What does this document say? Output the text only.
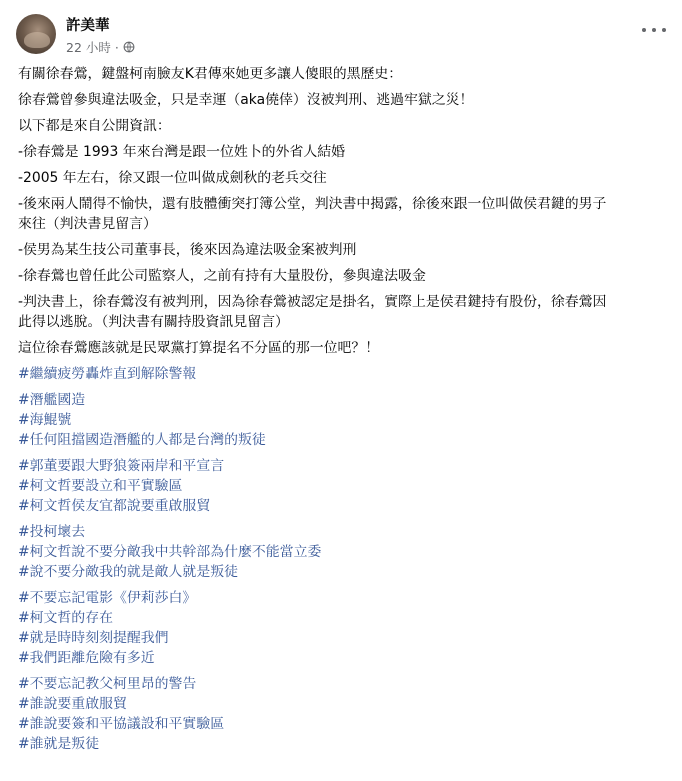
許美華
22 小時 ·
有關徐春鶯，鍵盤柯南臉友K君傳來她更多讓人傻眼的黑歷史：
徐春鶯曾參與違法吸金，只是幸運（aka僥倖）沒被判刑、逃過牢獄之災！
以下都是來自公開資訊：
-徐春鶯是 1993 年來台灣是跟一位姓卜的外省人結婚
-2005 年左右，徐又跟一位叫做成劍秋的老兵交往
-後來兩人鬧得不愉快，還有肢體衝突打簿公堂，判決書中揭露，徐後來跟一位叫做侯君鍵的男子
來往（判決書見留言）
-侯男為某生技公司董事長，後來因為違法吸金案被判刑
-徐春鶯也曾任此公司監察人，之前有持有大量股份，參與違法吸金
-判決書上，徐春鶯沒有被判刑，因為徐春鶯被認定是掛名，實際上是侯君鍵持有股份，徐春鶯因
此得以逃脫。（判決書有關持股資訊見留言）
這位徐春鶯應該就是民眾黨打算提名不分區的那一位吧？！
#繼續疲勞轟炸直到解除警報
#潛艦國造
#海鯤號
#任何阻擋國造潛艦的人都是台灣的叛徒
#郭董要跟大野狼簽兩岸和平宣言
#柯文哲要設立和平實驗區
#柯文哲侯友宜都說要重啟服貿
#投柯壞去
#柯文哲說不要分敵我中共幹部為什麼不能當立委
#說不要分敵我的就是敵人就是叛徒
#不要忘記電影《伊莉莎白》
#柯文哲的存在
#就是時時刻刻提醒我們
#我們距離危險有多近
#不要忘記教父柯里昂的警告
#誰說要重啟服貿
#誰說要簽和平協議設和平實驗區
#誰就是叛徒
